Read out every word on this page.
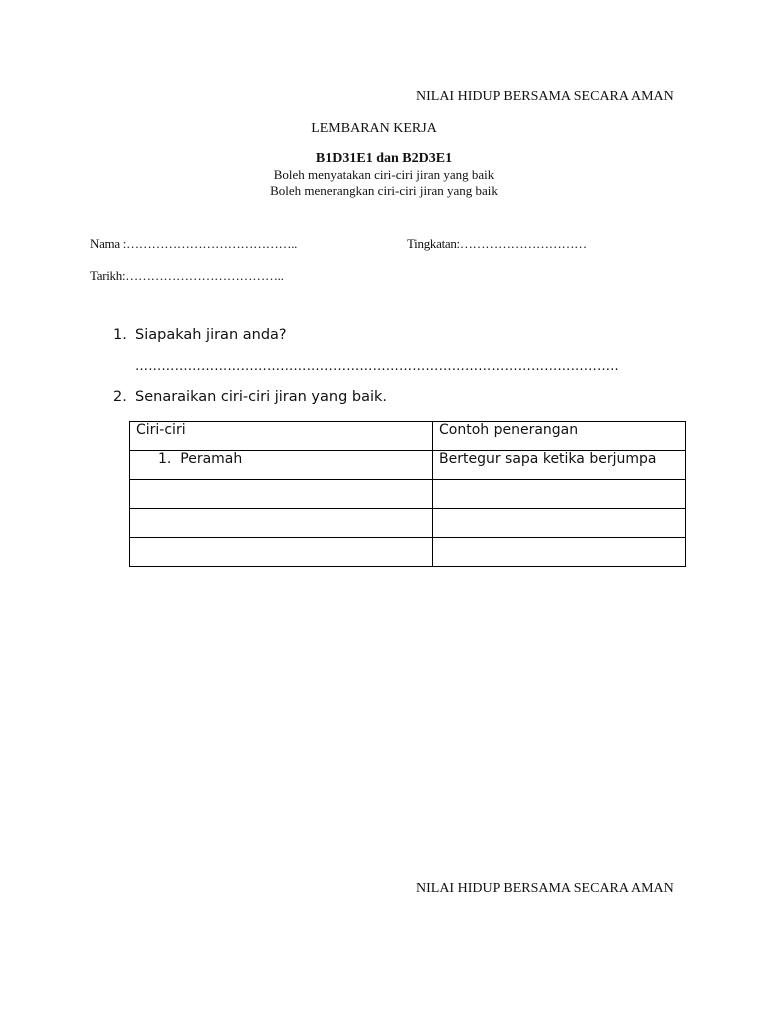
NILAI HIDUP BERSAMA SECARA AMAN
LEMBARAN KERJA
B1D31E1 dan B2D3E1
Boleh menyatakan ciri-ciri jiran yang baik
Boleh menerangkan ciri-ciri jiran yang baik
Nama :…………………………………..	Tingkatan:…………………………
Tarikh:………………………………..
1. Siapakah jiran anda?
………………………………………………………………………………………………..
2. Senaraikan ciri-ciri jiran yang baik.
Ciri-ciri	Contoh penerangan
1. Peramah	Bertegur sapa ketika berjumpa

NILAI HIDUP BERSAMA SECARA AMAN
